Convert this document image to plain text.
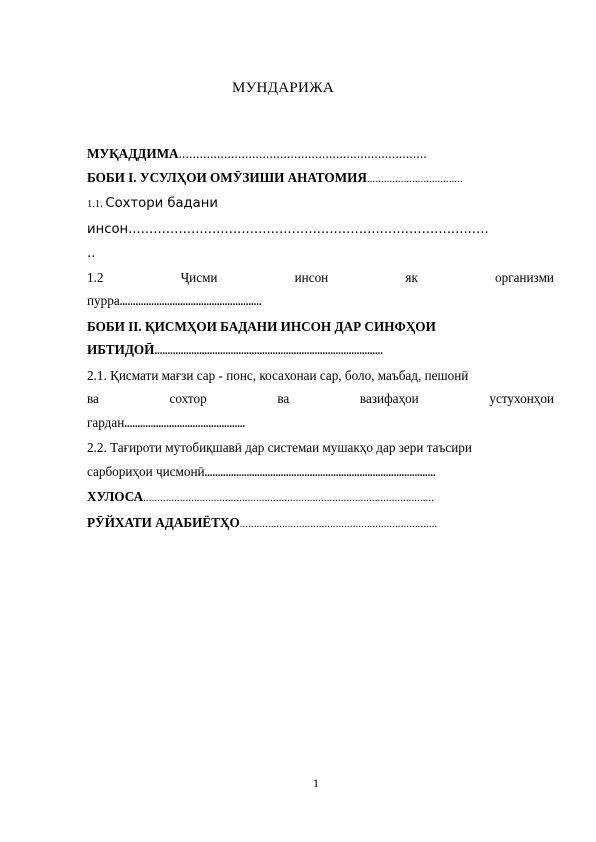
МУНДАРИЖА
МУҚАДДИМА.......................................................................
БОБИ I. УСУЛҲОИ ОМӮЗИШИ АНАТОМИЯ..................................
1.1. Сохтори бадани
инсон......................................................................................
..
1.2	Ҷисми	инсон	як	организми
пурра......................................................
БОБИ II. ҚИСМҲОИ БАДАНИ ИНСОН ДАР СИНФҲОИ
ИБТИДОӢ.......................................................................................
2.1. Қисмати мағзи сар - понс, косахонаи сар, боло, маъбад, пешонӣ
ва	сохтор	ва	вазифаҳои	устухонҳои
гардан..............................................
2.2. Тағироти мутобиқшавӣ дар системаи мушакҳо дар зери таъсири
сарбориҳои ҷисмонӣ........................................................................................
ХУЛОСА.......................................................................................................
РӮЙХАТИ АДАБИЁТҲО......................................................................
1
